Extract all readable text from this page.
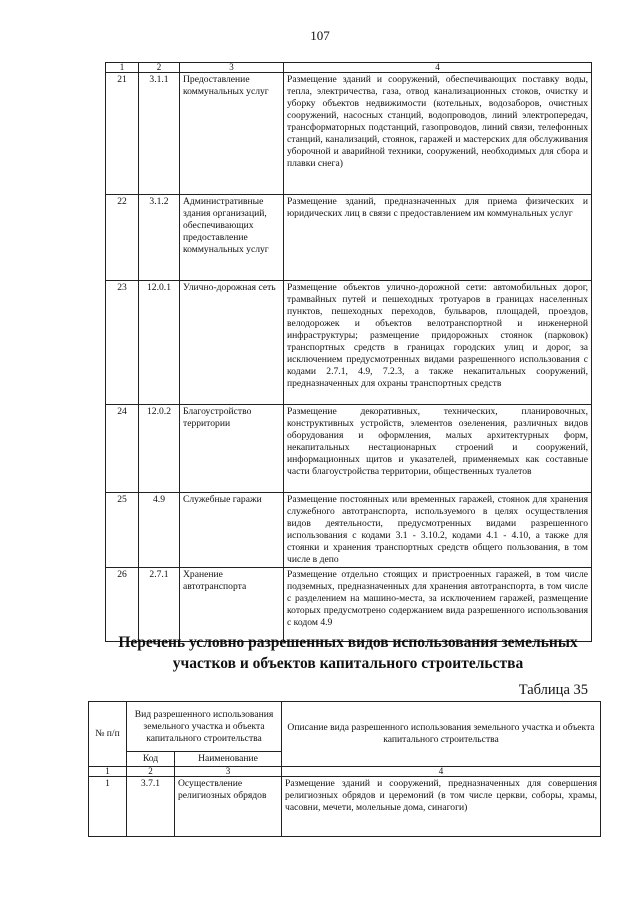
107
1	2	3	4
21	3.1.1	Предоставление коммунальных услуг	Размещение зданий и сооружений, обеспечивающих поставку воды, тепла, электричества, газа, отвод канализационных стоков, очистку и уборку объектов недвижимости (котельных, водозаборов, очистных сооружений, насосных станций, водопроводов, линий электропередач, трансформаторных подстанций, газопроводов, линий связи, телефонных станций, канализаций, стоянок, гаражей и мастерских для обслуживания уборочной и аварийной техники, сооружений, необходимых для сбора и плавки снега)
22	3.1.2	Административные здания организаций, обеспечивающих предоставление коммунальных услуг	Размещение зданий, предназначенных для приема физических и юридических лиц в связи с предоставлением им коммунальных услуг
23	12.0.1	Улично-дорожная сеть	Размещение объектов улично-дорожной сети: автомобильных дорог, трамвайных путей и пешеходных тротуаров в границах населенных пунктов, пешеходных переходов, бульваров, площадей, проездов, велодорожек и объектов велотранспортной и инженерной инфраструктуры; размещение придорожных стоянок (парковок) транспортных средств в границах городских улиц и дорог, за исключением предусмотренных видами разрешенного использования с кодами 2.7.1, 4.9, 7.2.3, а также некапитальных сооружений, предназначенных для охраны транспортных средств
24	12.0.2	Благоустройство территории	Размещение декоративных, технических, планировочных, конструктивных устройств, элементов озеленения, различных видов оборудования и оформления, малых архитектурных форм, некапитальных нестационарных строений и сооружений, информационных щитов и указателей, применяемых как составные части благоустройства территории, общественных туалетов
25	4.9	Служебные гаражи	Размещение постоянных или временных гаражей, стоянок для хранения служебного автотранспорта, используемого в целях осуществления видов деятельности, предусмотренных видами разрешенного использования с кодами 3.1 - 3.10.2, кодами 4.1 - 4.10, а также для стоянки и хранения транспортных средств общего пользования, в том числе в депо
26	2.7.1	Хранение автотранспорта	Размещение отдельно стоящих и пристроенных гаражей, в том числе подземных, предназначенных для хранения автотранспорта, в том числе с разделением на машино-места, за исключением гаражей, размещение которых предусмотрено содержанием вида разрешенного использования с кодом 4.9
Перечень условно разрешенных видов использования земельных участков и объектов капитального строительства
Таблица 35
№ п/п	Вид разрешенного использования земельного участка и объекта капитального строительства		Описание вида разрешенного использования земельного участка и объекта капитального строительства
	Код	Наименование	
1	2	3	4
1	3.7.1	Осуществление религиозных обрядов	Размещение зданий и сооружений, предназначенных для совершения религиозных обрядов и церемоний (в том числе церкви, соборы, храмы, часовни, мечети, молельные дома, синагоги)
